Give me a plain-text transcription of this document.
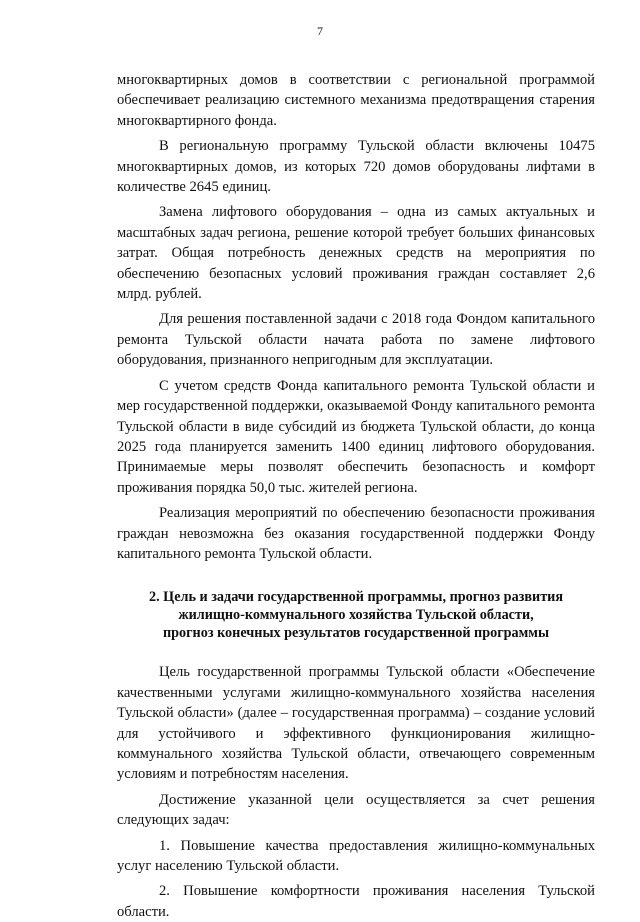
7

многоквартирных домов в соответствии с региональной программой обеспечивает реализацию системного механизма предотвращения старения многоквартирного фонда.

В региональную программу Тульской области включены 10475 многоквартирных домов, из которых 720 домов оборудованы лифтами в количестве 2645 единиц.

Замена лифтового оборудования – одна из самых актуальных и масштабных задач региона, решение которой требует больших финансовых затрат. Общая потребность денежных средств на мероприятия по обеспечению безопасных условий проживания граждан составляет 2,6 млрд. рублей.

Для решения поставленной задачи с 2018 года Фондом капитального ремонта Тульской области начата работа по замене лифтового оборудования, признанного непригодным для эксплуатации.

С учетом средств Фонда капитального ремонта Тульской области и мер государственной поддержки, оказываемой Фонду капитального ремонта Тульской области в виде субсидий из бюджета Тульской области, до конца 2025 года планируется заменить 1400 единиц лифтового оборудования. Принимаемые меры позволят обеспечить безопасность и комфорт проживания порядка 50,0 тыс. жителей региона.

Реализация мероприятий по обеспечению безопасности проживания граждан невозможна без оказания государственной поддержки Фонду капитального ремонта Тульской области.

2. Цель и задачи государственной программы, прогноз развития
жилищно-коммунального хозяйства Тульской области,
прогноз конечных результатов государственной программы

Цель государственной программы Тульской области «Обеспечение качественными услугами жилищно-коммунального хозяйства населения Тульской области» (далее – государственная программа) – создание условий для устойчивого и эффективного функционирования жилищно-коммунального хозяйства Тульской области, отвечающего современным условиям и потребностям населения.

Достижение указанной цели осуществляется за счет решения следующих задач:

1. Повышение качества предоставления жилищно-коммунальных услуг населению Тульской области.

2. Повышение комфортности проживания населения Тульской области.
